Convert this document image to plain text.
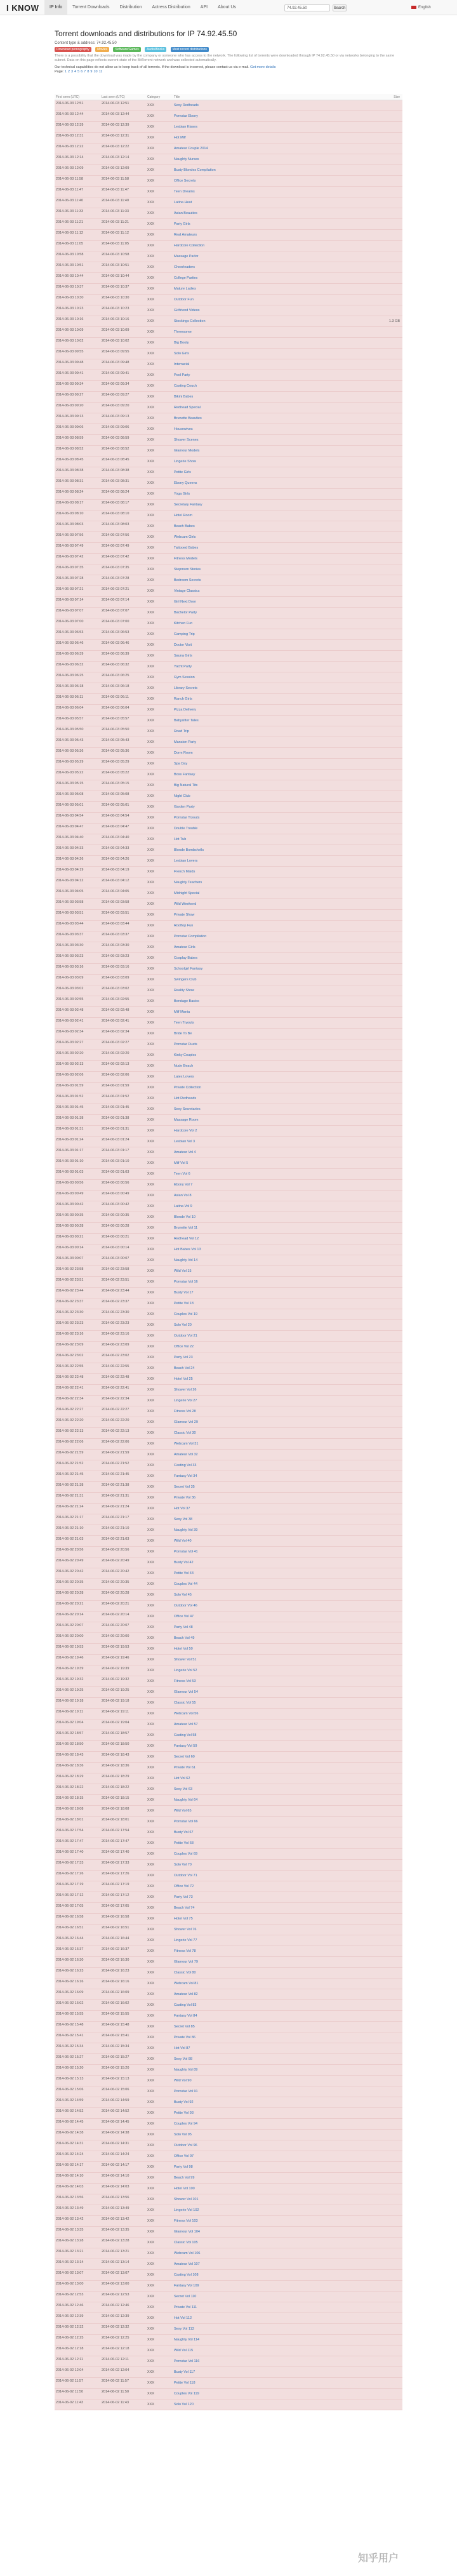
I KNOW	IP Info	Torrent Downloads	Distribution	Actress Distribution	API	About Us	74.92.45.50	Search	English
Torrent downloads and distributions for IP 74.92.45.50
Content type & address: 74.92.45.50
Download pornography Movies Software/Games Audio/Books Most recent distributions
There is a possibility that the download was made by the company or someone who has access to the network. The following list of torrents were downloaded through IP 74.92.45.50 or via networks belonging to the same subnet. Data on this page reflects current state of the BitTorrent network and was collected automatically.
Our technical capabilities do not allow us to keep track of all torrents. If the download is incorrect, please contact us via e-mail. Get more details
Page: 1 2 3 4 5 6 7 8 9 10 11
First seen (UTC)	Last seen (UTC)	Category	Title	Size
2014-06-03 12:51	2014-06-03 12:51	XXX	Sexy Redheads
2014-06-03 12:44	2014-06-03 12:44	XXX	Pornstar Ebony
2014-06-03 12:39	2014-06-03 12:39	XXX	Lesbian Kisses
2014-06-03 12:31	2014-06-03 12:31	XXX	Hot Milf
2014-06-03 12:22	2014-06-03 12:22	XXX	Amateur Couple 2014
2014-06-03 12:14	2014-06-03 12:14	XXX	Naughty Nurses
2014-06-03 12:09	2014-06-03 12:09	XXX	Busty Blondes Compilation
2014-06-03 11:58	2014-06-03 11:58	XXX	Office Secrets
2014-06-03 11:47	2014-06-03 11:47	XXX	Teen Dreams
2014-06-03 11:40	2014-06-03 11:40	XXX	Latina Heat
2014-06-03 11:33	2014-06-03 11:33	XXX	Asian Beauties
2014-06-03 11:21	2014-06-03 11:21	XXX	Party Girls
2014-06-03 11:12	2014-06-03 11:12	XXX	Real Amateurs
2014-06-03 11:05	2014-06-03 11:05	XXX	Hardcore Collection
2014-06-03 10:58	2014-06-03 10:58	XXX	Massage Parlor
2014-06-03 10:51	2014-06-03 10:51	XXX	Cheerleaders
2014-06-03 10:44	2014-06-03 10:44	XXX	College Parties
2014-06-03 10:37	2014-06-03 10:37	XXX	Mature Ladies
2014-06-03 10:30	2014-06-03 10:30	XXX	Outdoor Fun
2014-06-03 10:23	2014-06-03 10:23	XXX	Girlfriend Videos
2014-06-03 10:16	2014-06-03 10:16	XXX	Stockings Collection	1.3 GB
2014-06-03 10:09	2014-06-03 10:09	XXX	Threesome
2014-06-03 10:02	2014-06-03 10:02	XXX	Big Booty
2014-06-03 09:55	2014-06-03 09:55	XXX	Solo Girls
2014-06-03 09:48	2014-06-03 09:48	XXX	Interracial
2014-06-03 09:41	2014-06-03 09:41	XXX	Pool Party
2014-06-03 09:34	2014-06-03 09:34	XXX	Casting Couch
2014-06-03 09:27	2014-06-03 09:27	XXX	Bikini Babes
2014-06-03 09:20	2014-06-03 09:20	XXX	Redhead Special
2014-06-03 09:13	2014-06-03 09:13	XXX	Brunette Beauties
2014-06-03 09:06	2014-06-03 09:06	XXX	Housewives
2014-06-03 08:59	2014-06-03 08:59	XXX	Shower Scenes
2014-06-03 08:52	2014-06-03 08:52	XXX	Glamour Models
2014-06-03 08:45	2014-06-03 08:45	XXX	Lingerie Show
2014-06-03 08:38	2014-06-03 08:38	XXX	Petite Girls
2014-06-03 08:31	2014-06-03 08:31	XXX	Ebony Queens
2014-06-03 08:24	2014-06-03 08:24	XXX	Yoga Girls
2014-06-03 08:17	2014-06-03 08:17	XXX	Secretary Fantasy
2014-06-03 08:10	2014-06-03 08:10	XXX	Hotel Room
2014-06-03 08:03	2014-06-03 08:03	XXX	Beach Babes
2014-06-03 07:56	2014-06-03 07:56	XXX	Webcam Girls
2014-06-03 07:49	2014-06-03 07:49	XXX	Tattooed Babes
2014-06-03 07:42	2014-06-03 07:42	XXX	Fitness Models
2014-06-03 07:35	2014-06-03 07:35	XXX	Stepmom Stories
2014-06-03 07:28	2014-06-03 07:28	XXX	Bedroom Secrets
2014-06-03 07:21	2014-06-03 07:21	XXX	Vintage Classics
2014-06-03 07:14	2014-06-03 07:14	XXX	Girl Next Door
2014-06-03 07:07	2014-06-03 07:07	XXX	Bachelor Party
2014-06-03 07:00	2014-06-03 07:00	XXX	Kitchen Fun
2014-06-03 06:53	2014-06-03 06:53	XXX	Camping Trip
2014-06-03 06:46	2014-06-03 06:46	XXX	Doctor Visit
2014-06-03 06:39	2014-06-03 06:39	XXX	Sauna Girls
2014-06-03 06:32	2014-06-03 06:32	XXX	Yacht Party
2014-06-03 06:25	2014-06-03 06:25	XXX	Gym Session
2014-06-03 06:18	2014-06-03 06:18	XXX	Library Secrets
2014-06-03 06:11	2014-06-03 06:11	XXX	Ranch Girls
2014-06-03 06:04	2014-06-03 06:04	XXX	Pizza Delivery
2014-06-03 05:57	2014-06-03 05:57	XXX	Babysitter Tales
2014-06-03 05:50	2014-06-03 05:50	XXX	Road Trip
2014-06-03 05:43	2014-06-03 05:43	XXX	Mansion Party
2014-06-03 05:36	2014-06-03 05:36	XXX	Dorm Room
2014-06-03 05:29	2014-06-03 05:29	XXX	Spa Day
2014-06-03 05:22	2014-06-03 05:22	XXX	Boss Fantasy
2014-06-03 05:15	2014-06-03 05:15	XXX	Big Natural Tits
2014-06-03 05:08	2014-06-03 05:08	XXX	Night Club
2014-06-03 05:01	2014-06-03 05:01	XXX	Garden Party
2014-06-03 04:54	2014-06-03 04:54	XXX	Pornstar Tryouts
2014-06-03 04:47	2014-06-03 04:47	XXX	Double Trouble
2014-06-03 04:40	2014-06-03 04:40	XXX	Hot Tub
2014-06-03 04:33	2014-06-03 04:33	XXX	Blonde Bombshells
2014-06-03 04:26	2014-06-03 04:26	XXX	Lesbian Lovers
2014-06-03 04:19	2014-06-03 04:19	XXX	French Maids
2014-06-03 04:12	2014-06-03 04:12	XXX	Naughty Teachers
2014-06-03 04:05	2014-06-03 04:05	XXX	Midnight Special
2014-06-03 03:58	2014-06-03 03:58	XXX	Wild Weekend
2014-06-03 03:51	2014-06-03 03:51	XXX	Private Show
2014-06-03 03:44	2014-06-03 03:44	XXX	Rooftop Fun
2014-06-03 03:37	2014-06-03 03:37	XXX	Pornstar Compilation
2014-06-03 03:30	2014-06-03 03:30	XXX	Amateur Girls
2014-06-03 03:23	2014-06-03 03:23	XXX	Cosplay Babes
2014-06-03 03:16	2014-06-03 03:16	XXX	Schoolgirl Fantasy
2014-06-03 03:09	2014-06-03 03:09	XXX	Swingers Club
2014-06-03 03:02	2014-06-03 03:02	XXX	Reality Show
2014-06-03 02:55	2014-06-03 02:55	XXX	Bondage Basics
2014-06-03 02:48	2014-06-03 02:48	XXX	Milf Mania
2014-06-03 02:41	2014-06-03 02:41	XXX	Teen Tryouts
2014-06-03 02:34	2014-06-03 02:34	XXX	Bride To Be
2014-06-03 02:27	2014-06-03 02:27	XXX	Pornstar Duets
2014-06-03 02:20	2014-06-03 02:20	XXX	Kinky Couples
2014-06-03 02:13	2014-06-03 02:13	XXX	Nude Beach
2014-06-03 02:06	2014-06-03 02:06	XXX	Latex Lovers
2014-06-03 01:59	2014-06-03 01:59	XXX	Private Collection
2014-06-03 01:52	2014-06-03 01:52	XXX	Hot Redheads
2014-06-03 01:45	2014-06-03 01:45	XXX	Sexy Secretaries
2014-06-03 01:38	2014-06-03 01:38	XXX	Massage Room
2014-06-03 01:31	2014-06-03 01:31	XXX	Hardcore Vol 2
2014-06-03 01:24	2014-06-03 01:24	XXX	Lesbian Vol 3
2014-06-03 01:17	2014-06-03 01:17	XXX	Amateur Vol 4
2014-06-03 01:10	2014-06-03 01:10	XXX	Milf Vol 5
2014-06-03 01:03	2014-06-03 01:03	XXX	Teen Vol 6
2014-06-03 00:56	2014-06-03 00:56	XXX	Ebony Vol 7
2014-06-03 00:49	2014-06-03 00:49	XXX	Asian Vol 8
2014-06-03 00:42	2014-06-03 00:42	XXX	Latina Vol 9
2014-06-03 00:35	2014-06-03 00:35	XXX	Blonde Vol 10
2014-06-03 00:28	2014-06-03 00:28	XXX	Brunette Vol 11
2014-06-03 00:21	2014-06-03 00:21	XXX	Redhead Vol 12
2014-06-03 00:14	2014-06-03 00:14	XXX	Hot Babes Vol 13
2014-06-03 00:07	2014-06-03 00:07	XXX	Naughty Vol 14
2014-06-02 23:58	2014-06-02 23:58	XXX	Wild Vol 15
2014-06-02 23:51	2014-06-02 23:51	XXX	Pornstar Vol 16
2014-06-02 23:44	2014-06-02 23:44	XXX	Busty Vol 17
2014-06-02 23:37	2014-06-02 23:37	XXX	Petite Vol 18
2014-06-02 23:30	2014-06-02 23:30	XXX	Couples Vol 19
2014-06-02 23:23	2014-06-02 23:23	XXX	Solo Vol 20
2014-06-02 23:16	2014-06-02 23:16	XXX	Outdoor Vol 21
2014-06-02 23:09	2014-06-02 23:09	XXX	Office Vol 22
2014-06-02 23:02	2014-06-02 23:02	XXX	Party Vol 23
2014-06-02 22:55	2014-06-02 22:55	XXX	Beach Vol 24
2014-06-02 22:48	2014-06-02 22:48	XXX	Hotel Vol 25
2014-06-02 22:41	2014-06-02 22:41	XXX	Shower Vol 26
2014-06-02 22:34	2014-06-02 22:34	XXX	Lingerie Vol 27
2014-06-02 22:27	2014-06-02 22:27	XXX	Fitness Vol 28
2014-06-02 22:20	2014-06-02 22:20	XXX	Glamour Vol 29
2014-06-02 22:13	2014-06-02 22:13	XXX	Classic Vol 30
2014-06-02 22:06	2014-06-02 22:06	XXX	Webcam Vol 31
2014-06-02 21:59	2014-06-02 21:59	XXX	Amateur Vol 32
2014-06-02 21:52	2014-06-02 21:52	XXX	Casting Vol 33
2014-06-02 21:45	2014-06-02 21:45	XXX	Fantasy Vol 34
2014-06-02 21:38	2014-06-02 21:38	XXX	Secret Vol 35
2014-06-02 21:31	2014-06-02 21:31	XXX	Private Vol 36
2014-06-02 21:24	2014-06-02 21:24	XXX	Hot Vol 37
2014-06-02 21:17	2014-06-02 21:17	XXX	Sexy Vol 38
2014-06-02 21:10	2014-06-02 21:10	XXX	Naughty Vol 39
2014-06-02 21:03	2014-06-02 21:03	XXX	Wild Vol 40
2014-06-02 20:56	2014-06-02 20:56	XXX	Pornstar Vol 41
2014-06-02 20:49	2014-06-02 20:49	XXX	Busty Vol 42
2014-06-02 20:42	2014-06-02 20:42	XXX	Petite Vol 43
2014-06-02 20:35	2014-06-02 20:35	XXX	Couples Vol 44
2014-06-02 20:28	2014-06-02 20:28	XXX	Solo Vol 45
2014-06-02 20:21	2014-06-02 20:21	XXX	Outdoor Vol 46
2014-06-02 20:14	2014-06-02 20:14	XXX	Office Vol 47
2014-06-02 20:07	2014-06-02 20:07	XXX	Party Vol 48
2014-06-02 20:00	2014-06-02 20:00	XXX	Beach Vol 49
2014-06-02 19:53	2014-06-02 19:53	XXX	Hotel Vol 50
2014-06-02 19:46	2014-06-02 19:46	XXX	Shower Vol 51
2014-06-02 19:39	2014-06-02 19:39	XXX	Lingerie Vol 52
2014-06-02 19:32	2014-06-02 19:32	XXX	Fitness Vol 53
2014-06-02 19:25	2014-06-02 19:25	XXX	Glamour Vol 54
2014-06-02 19:18	2014-06-02 19:18	XXX	Classic Vol 55
2014-06-02 19:11	2014-06-02 19:11	XXX	Webcam Vol 56
2014-06-02 19:04	2014-06-02 19:04	XXX	Amateur Vol 57
2014-06-02 18:57	2014-06-02 18:57	XXX	Casting Vol 58
2014-06-02 18:50	2014-06-02 18:50	XXX	Fantasy Vol 59
2014-06-02 18:43	2014-06-02 18:43	XXX	Secret Vol 60
2014-06-02 18:36	2014-06-02 18:36	XXX	Private Vol 61
2014-06-02 18:29	2014-06-02 18:29	XXX	Hot Vol 62
2014-06-02 18:22	2014-06-02 18:22	XXX	Sexy Vol 63
2014-06-02 18:15	2014-06-02 18:15	XXX	Naughty Vol 64
2014-06-02 18:08	2014-06-02 18:08	XXX	Wild Vol 65
2014-06-02 18:01	2014-06-02 18:01	XXX	Pornstar Vol 66
2014-06-02 17:54	2014-06-02 17:54	XXX	Busty Vol 67
2014-06-02 17:47	2014-06-02 17:47	XXX	Petite Vol 68
2014-06-02 17:40	2014-06-02 17:40	XXX	Couples Vol 69
2014-06-02 17:33	2014-06-02 17:33	XXX	Solo Vol 70
2014-06-02 17:26	2014-06-02 17:26	XXX	Outdoor Vol 71
2014-06-02 17:19	2014-06-02 17:19	XXX	Office Vol 72
2014-06-02 17:12	2014-06-02 17:12	XXX	Party Vol 73
2014-06-02 17:05	2014-06-02 17:05	XXX	Beach Vol 74
2014-06-02 16:58	2014-06-02 16:58	XXX	Hotel Vol 75
2014-06-02 16:51	2014-06-02 16:51	XXX	Shower Vol 76
2014-06-02 16:44	2014-06-02 16:44	XXX	Lingerie Vol 77
2014-06-02 16:37	2014-06-02 16:37	XXX	Fitness Vol 78
2014-06-02 16:30	2014-06-02 16:30	XXX	Glamour Vol 79
2014-06-02 16:23	2014-06-02 16:23	XXX	Classic Vol 80
2014-06-02 16:16	2014-06-02 16:16	XXX	Webcam Vol 81
2014-06-02 16:09	2014-06-02 16:09	XXX	Amateur Vol 82
2014-06-02 16:02	2014-06-02 16:02	XXX	Casting Vol 83
2014-06-02 15:55	2014-06-02 15:55	XXX	Fantasy Vol 84
2014-06-02 15:48	2014-06-02 15:48	XXX	Secret Vol 85
2014-06-02 15:41	2014-06-02 15:41	XXX	Private Vol 86
2014-06-02 15:34	2014-06-02 15:34	XXX	Hot Vol 87
2014-06-02 15:27	2014-06-02 15:27	XXX	Sexy Vol 88
2014-06-02 15:20	2014-06-02 15:20	XXX	Naughty Vol 89
2014-06-02 15:13	2014-06-02 15:13	XXX	Wild Vol 90
2014-06-02 15:06	2014-06-02 15:06	XXX	Pornstar Vol 91
2014-06-02 14:59	2014-06-02 14:59	XXX	Busty Vol 92
2014-06-02 14:52	2014-06-02 14:52	XXX	Petite Vol 93
2014-06-02 14:45	2014-06-02 14:45	XXX	Couples Vol 94
2014-06-02 14:38	2014-06-02 14:38	XXX	Solo Vol 95
2014-06-02 14:31	2014-06-02 14:31	XXX	Outdoor Vol 96
2014-06-02 14:24	2014-06-02 14:24	XXX	Office Vol 97
2014-06-02 14:17	2014-06-02 14:17	XXX	Party Vol 98
2014-06-02 14:10	2014-06-02 14:10	XXX	Beach Vol 99
2014-06-02 14:03	2014-06-02 14:03	XXX	Hotel Vol 100
2014-06-02 13:56	2014-06-02 13:56	XXX	Shower Vol 101
2014-06-02 13:49	2014-06-02 13:49	XXX	Lingerie Vol 102
2014-06-02 13:42	2014-06-02 13:42	XXX	Fitness Vol 103
2014-06-02 13:35	2014-06-02 13:35	XXX	Glamour Vol 104
2014-06-02 13:28	2014-06-02 13:28	XXX	Classic Vol 105
2014-06-02 13:21	2014-06-02 13:21	XXX	Webcam Vol 106
2014-06-02 13:14	2014-06-02 13:14	XXX	Amateur Vol 107
2014-06-02 13:07	2014-06-02 13:07	XXX	Casting Vol 108
2014-06-02 13:00	2014-06-02 13:00	XXX	Fantasy Vol 109
2014-06-02 12:53	2014-06-02 12:53	XXX	Secret Vol 110
2014-06-02 12:46	2014-06-02 12:46	XXX	Private Vol 111
2014-06-02 12:39	2014-06-02 12:39	XXX	Hot Vol 112
2014-06-02 12:32	2014-06-02 12:32	XXX	Sexy Vol 113
2014-06-02 12:25	2014-06-02 12:25	XXX	Naughty Vol 114
2014-06-02 12:18	2014-06-02 12:18	XXX	Wild Vol 115
2014-06-02 12:11	2014-06-02 12:11	XXX	Pornstar Vol 116
2014-06-02 12:04	2014-06-02 12:04	XXX	Busty Vol 117
2014-06-02 11:57	2014-06-02 11:57	XXX	Petite Vol 118
2014-06-02 11:50	2014-06-02 11:50	XXX	Couples Vol 119
2014-06-02 11:43	2014-06-02 11:43	XXX	Solo Vol 120
知乎用户
